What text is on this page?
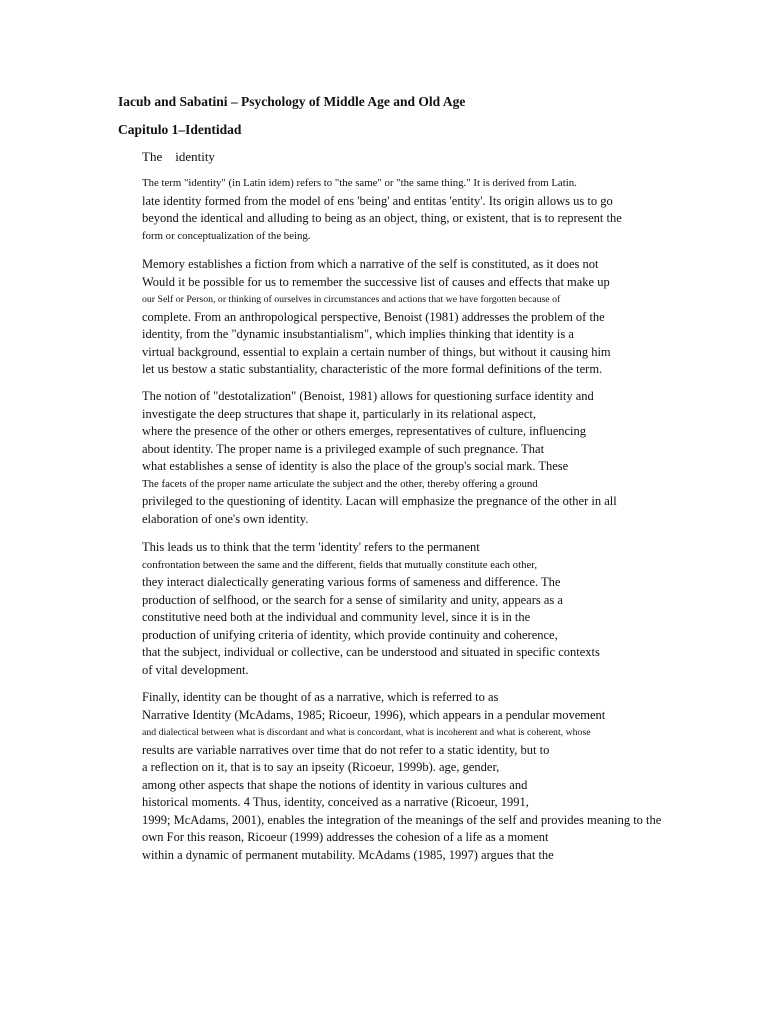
Iacub and Sabatini – Psychology of Middle Age and Old Age
Capitulo 1–Identidad
The    identity
The term "identity" (in Latin idem) refers to "the same" or "the same thing." It is derived from Latin.
late identity formed from the model of ens 'being' and entitas 'entity'. Its origin allows us to go
beyond the identical and alluding to being as an object, thing, or existent, that is to represent the
form or conceptualization of the being.
Memory establishes a fiction from which a narrative of the self is constituted, as it does not
Would it be possible for us to remember the successive list of causes and effects that make up
our Self or Person, or thinking of ourselves in circumstances and actions that we have forgotten because of
complete. From an anthropological perspective, Benoist (1981) addresses the problem of the
identity, from the "dynamic insubstantialism", which implies thinking that identity is a
virtual background, essential to explain a certain number of things, but without it causing him
let us bestow a static substantiality, characteristic of the more formal definitions of the term.
The notion of "destotalization" (Benoist, 1981) allows for questioning surface identity and
investigate the deep structures that shape it, particularly in its relational aspect,
where the presence of the other or others emerges, representatives of culture, influencing
about identity. The proper name is a privileged example of such pregnance. That
what establishes a sense of identity is also the place of the group's social mark. These
The facets of the proper name articulate the subject and the other, thereby offering a ground
privileged to the questioning of identity. Lacan will emphasize the pregnance of the other in all
elaboration of one's own identity.
This leads us to think that the term 'identity' refers to the permanent
confrontation between the same and the different, fields that mutually constitute each other,
they interact dialectically generating various forms of sameness and difference. The
production of selfhood, or the search for a sense of similarity and unity, appears as a
constitutive need both at the individual and community level, since it is in the
production of unifying criteria of identity, which provide continuity and coherence,
that the subject, individual or collective, can be understood and situated in specific contexts
of vital development.
Finally, identity can be thought of as a narrative, which is referred to as
Narrative Identity (McAdams, 1985; Ricoeur, 1996), which appears in a pendular movement
and dialectical between what is discordant and what is concordant, what is incoherent and what is coherent, whose
results are variable narratives over time that do not refer to a static identity, but to
a reflection on it, that is to say an ipseity (Ricoeur, 1999b). age, gender,
among other aspects that shape the notions of identity in various cultures and
historical moments. 4 Thus, identity, conceived as a narrative (Ricoeur, 1991,
1999; McAdams, 2001), enables the integration of the meanings of the self and provides meaning to the
own For this reason, Ricoeur (1999) addresses the cohesion of a life as a moment
within a dynamic of permanent mutability. McAdams (1985, 1997) argues that the
